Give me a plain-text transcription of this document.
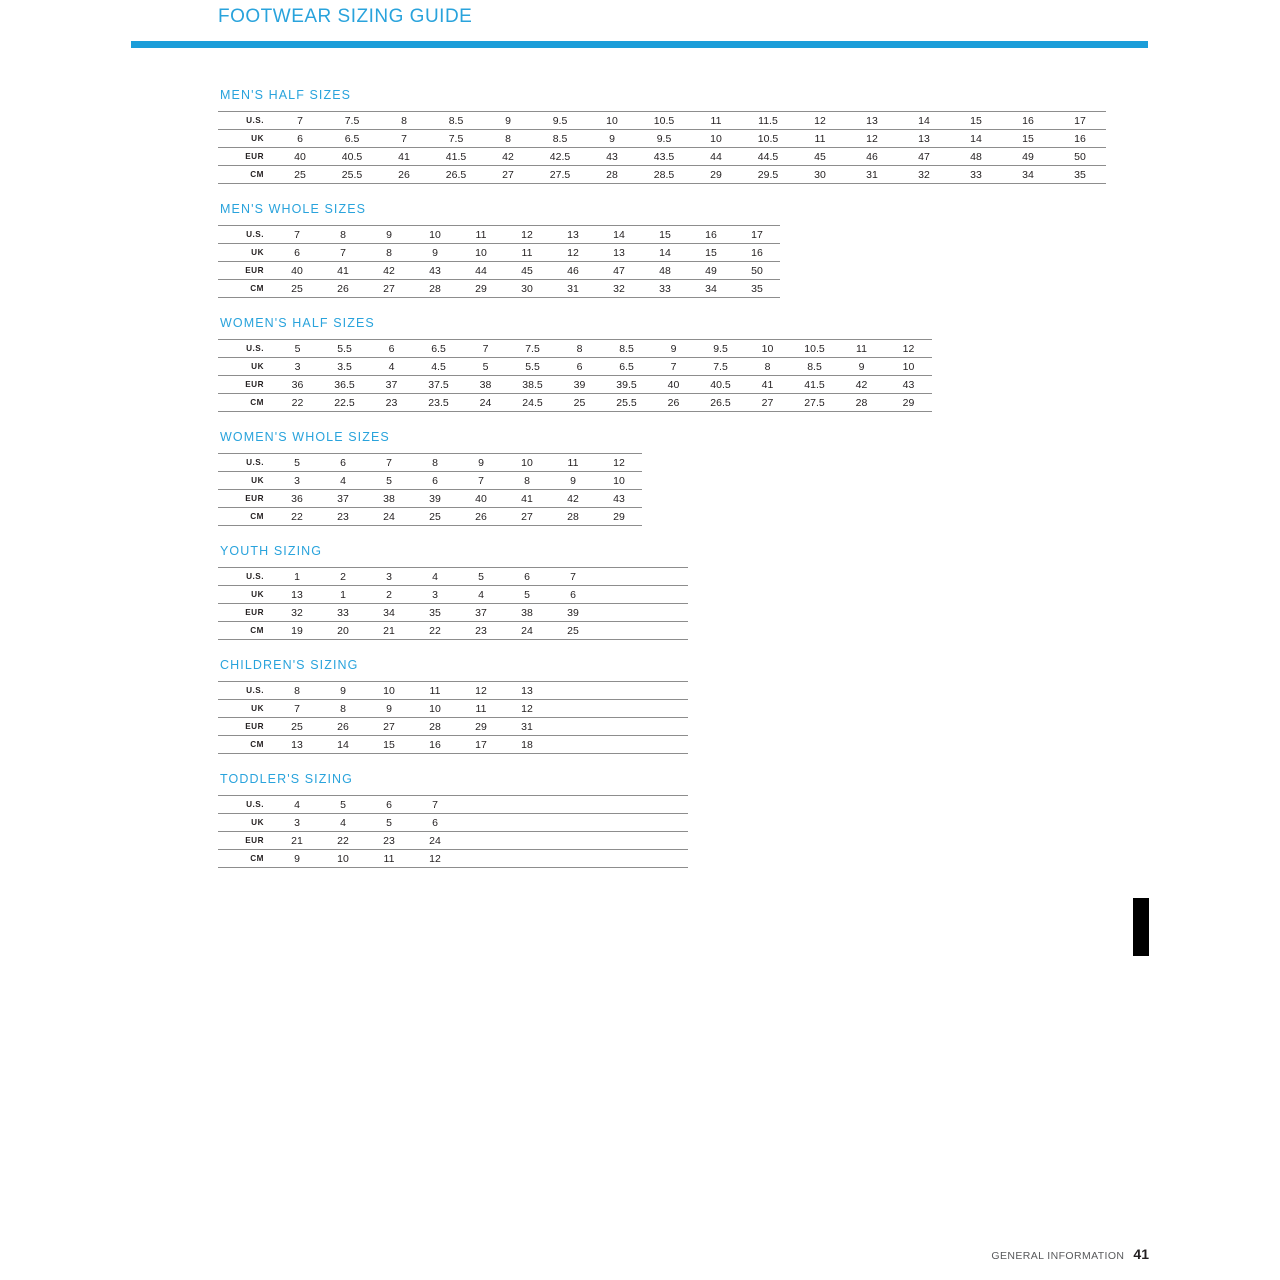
FOOTWEAR SIZING GUIDE
MEN'S HALF SIZES
U.S.	7	7.5	8	8.5	9	9.5	10	10.5	11	11.5	12	13	14	15	16	17
UK	6	6.5	7	7.5	8	8.5	9	9.5	10	10.5	11	12	13	14	15	16
EUR	40	40.5	41	41.5	42	42.5	43	43.5	44	44.5	45	46	47	48	49	50
CM	25	25.5	26	26.5	27	27.5	28	28.5	29	29.5	30	31	32	33	34	35
MEN'S WHOLE SIZES
U.S.	7	8	9	10	11	12	13	14	15	16	17
UK	6	7	8	9	10	11	12	13	14	15	16
EUR	40	41	42	43	44	45	46	47	48	49	50
CM	25	26	27	28	29	30	31	32	33	34	35
WOMEN'S HALF SIZES
U.S.	5	5.5	6	6.5	7	7.5	8	8.5	9	9.5	10	10.5	11	12
UK	3	3.5	4	4.5	5	5.5	6	6.5	7	7.5	8	8.5	9	10
EUR	36	36.5	37	37.5	38	38.5	39	39.5	40	40.5	41	41.5	42	43
CM	22	22.5	23	23.5	24	24.5	25	25.5	26	26.5	27	27.5	28	29
WOMEN'S WHOLE SIZES
U.S.	5	6	7	8	9	10	11	12
UK	3	4	5	6	7	8	9	10
EUR	36	37	38	39	40	41	42	43
CM	22	23	24	25	26	27	28	29
YOUTH SIZING
U.S.	1	2	3	4	5	6	7		
UK	13	1	2	3	4	5	6		
EUR	32	33	34	35	37	38	39		
CM	19	20	21	22	23	24	25		
CHILDREN'S SIZING
U.S.	8	9	10	11	12	13			
UK	7	8	9	10	11	12			
EUR	25	26	27	28	29	31			
CM	13	14	15	16	17	18			
TODDLER'S SIZING
U.S.	4	5	6	7					
UK	3	4	5	6					
EUR	21	22	23	24					
CM	9	10	11	12					
GENERAL INFORMATION 41
